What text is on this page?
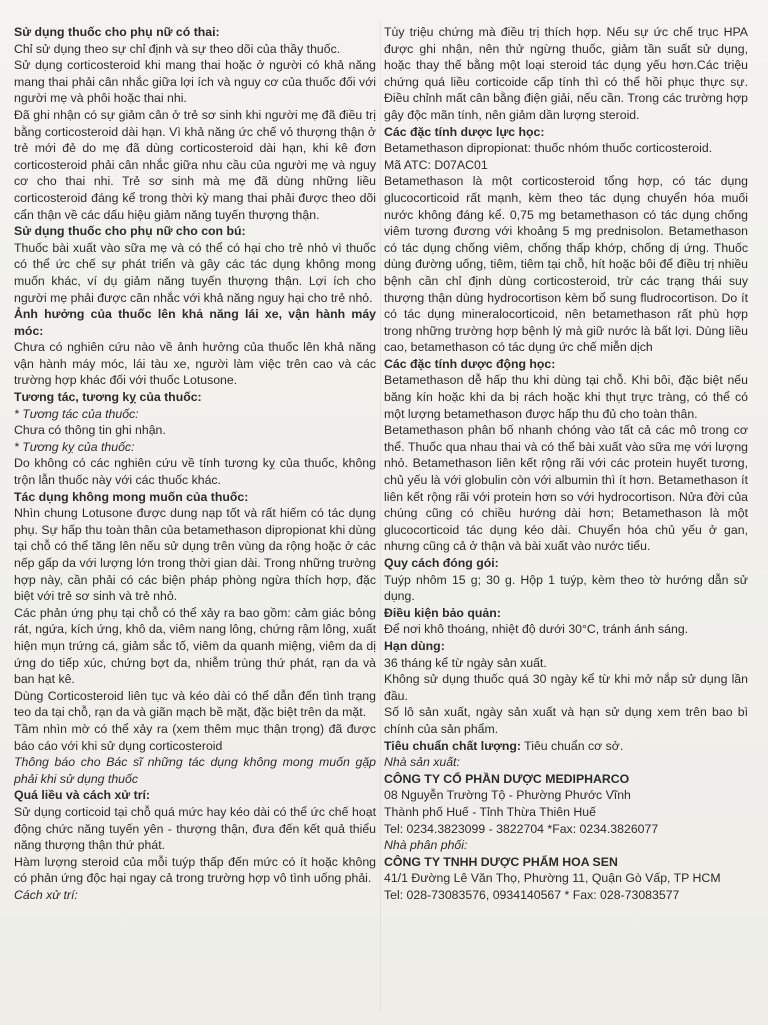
Sử dụng thuốc cho phụ nữ có thai:

Chỉ sử dụng theo sự chỉ định và sự theo dõi của thầy thuốc.

Sử dụng corticosteroid khi mang thai hoặc ở người có khả năng mang thai phải cân nhắc giữa lợi ích và nguy cơ của thuốc đối với người mẹ và phôi hoặc thai nhi.

Đã ghi nhận có sự giảm cân ở trẻ sơ sinh khi người mẹ đã điều trị bằng corticosteroid dài hạn. Vì khả năng ức chế vỏ thượng thận ở trẻ mới đẻ do mẹ đã dùng corticosteroid dài hạn, khi kê đơn corticosteroid phải cân nhắc giữa nhu cầu của người mẹ và nguy cơ cho thai nhi. Trẻ sơ sinh mà mẹ đã dùng những liều corticosteroid đáng kể trong thời kỳ mang thai phải được theo dõi cẩn thận về các dấu hiệu giảm năng tuyến thượng thận.

Sử dụng thuốc cho phụ nữ cho con bú:

Thuốc bài xuất vào sữa mẹ và có thể có hại cho trẻ nhỏ vì thuốc có thể ức chế sự phát triển và gây các tác dụng không mong muốn khác, ví dụ giảm năng tuyến thượng thận. Lợi ích cho người mẹ phải được cân nhắc với khả năng nguy hại cho trẻ nhỏ.

Ảnh hưởng của thuốc lên khả năng lái xe, vận hành máy móc:

Chưa có nghiên cứu nào về ảnh hưởng của thuốc lên khả năng vận hành máy móc, lái tàu xe, người làm việc trên cao và các trường hợp khác đối với thuốc Lotusone.

Tương tác, tương kỵ của thuốc:

* Tương tác của thuốc:

Chưa có thông tin ghi nhận.

* Tương kỵ của thuốc:

Do không có các nghiên cứu về tính tương kỵ của thuốc, không trộn lẫn thuốc này với các thuốc khác.

Tác dụng không mong muốn của thuốc:

Nhìn chung Lotusone được dung nạp tốt và rất hiếm có tác dụng phụ. Sự hấp thu toàn thân của betamethason dipropionat khi dùng tại chỗ có thể tăng lên nếu sử dụng trên vùng da rộng hoặc ở các nếp gấp da với lượng lớn trong thời gian dài. Trong những trường hợp này, cần phải có các biện pháp phòng ngừa thích hợp, đặc biệt với trẻ sơ sinh và trẻ nhỏ.

Các phản ứng phụ tại chỗ có thể xảy ra bao gồm: cảm giác bỏng rát, ngứa, kích ứng, khô da, viêm nang lông, chứng rậm lông, xuất hiện mụn trứng cá, giảm sắc tố, viêm da quanh miệng, viêm da dị ứng do tiếp xúc, chứng bợt da, nhiễm trùng thứ phát, rạn da và ban hạt kê.

Dùng Corticosteroid liên tục và kéo dài có thể dẫn đến tình trạng teo da tại chỗ, rạn da và giãn mạch bề mặt, đặc biệt trên da mặt.

Tầm nhìn mờ có thể xảy ra (xem thêm mục thận trọng) đã được báo cáo với khi sử dụng corticosteroid

Thông báo cho Bác sĩ những tác dụng không mong muốn gặp phải khi sử dụng thuốc

Quá liều và cách xử trí:

Sử dụng corticoid tại chỗ quá mức hay kéo dài có thể ức chế hoạt động chức năng tuyến yên - thượng thận, đưa đến kết quả thiểu năng thượng thận thứ phát.

Hàm lượng steroid của mỗi tuýp thấp đến mức có ít hoặc không có phản ứng độc hại ngay cả trong trường hợp vô tình uống phải.

Cách xử trí:

Tùy triệu chứng mà điều trị thích hợp. Nếu sự ức chế trục HPA được ghi nhận, nên thử ngừng thuốc, giảm tần suất sử dụng, hoặc thay thế bằng một loại steroid tác dụng yếu hơn.Các triệu chứng quá liều corticoide cấp tính thì có thể hồi phục thực sự. Điều chỉnh mất cân bằng điện giải, nếu cần. Trong các trường hợp gây độc mãn tính, nên giảm dần lượng steroid.

Các đặc tính dược lực học:

Betamethason dipropionat: thuốc nhóm thuốc corticosteroid.

Mã ATC: D07AC01

Betamethason là một corticosteroid tổng hợp, có tác dụng glucocorticoid rất mạnh, kèm theo tác dụng chuyển hóa muối nước không đáng kể. 0,75 mg betamethason có tác dụng chống viêm tương đương với khoảng 5 mg prednisolon. Betamethason có tác dụng chống viêm, chống thấp khớp, chống dị ứng. Thuốc dùng đường uống, tiêm, tiêm tại chỗ, hít hoặc bôi để điều trị nhiều bệnh cần chỉ định dùng corticosteroid, trừ các trạng thái suy thượng thận dùng hydrocortison kèm bổ sung fludrocortison. Do ít có tác dụng mineralocorticoid, nên betamethason rất phù hợp trong những trường hợp bệnh lý mà giữ nước là bất lợi. Dùng liều cao, betamethason có tác dụng ức chế miễn dịch

Các đặc tính dược động học:

Betamethason dễ hấp thu khi dùng tại chỗ. Khi bôi, đặc biệt nếu băng kín hoặc khi da bị rách hoặc khi thụt trực tràng, có thể có một lượng betamethason được hấp thu đủ cho toàn thân.

Betamethason phân bố nhanh chóng vào tất cả các mô trong cơ thể. Thuốc qua nhau thai và có thể bài xuất vào sữa mẹ với lượng nhỏ. Betamethason liên kết rộng rãi với các protein huyết tương, chủ yếu là với globulin còn với albumin thì ít hơn. Betamethason ít liên kết rộng rãi với protein hơn so với hydrocortison. Nửa đời của chúng cũng có chiều hướng dài hơn; Betamethason là một glucocorticoid tác dụng kéo dài. Chuyển hóa chủ yếu ở gan, nhưng cũng cả ở thận và bài xuất vào nước tiểu.

Quy cách đóng gói:

Tuýp nhôm 15 g; 30 g. Hộp 1 tuýp, kèm theo tờ hướng dẫn sử dụng.

Điều kiện bảo quản:

Để nơi khô thoáng, nhiệt độ dưới 30°C, tránh ánh sáng.

Hạn dùng:

36 tháng kể từ ngày sản xuất.

Không sử dụng thuốc quá 30 ngày kể từ khi mở nắp sử dụng lần đầu.

Số lô sản xuất, ngày sản xuất và hạn sử dụng xem trên bao bì chính của sản phẩm.

Tiêu chuẩn chất lượng: Tiêu chuẩn cơ sở.

Nhà sản xuất:

CÔNG TY CỔ PHẦN DƯỢC MEDIPHARCO

08 Nguyễn Trường Tộ - Phường Phước Vĩnh

Thành phố Huế - Tỉnh Thừa Thiên Huế

Tel: 0234.3823099 - 3822704 *Fax: 0234.3826077

Nhà phân phối:

CÔNG TY TNHH DƯỢC PHẨM HOA SEN

41/1 Đường Lê Văn Thọ, Phường 11, Quận Gò Vấp, TP HCM

Tel: 028-73083576, 0934140567 * Fax: 028-73083577
